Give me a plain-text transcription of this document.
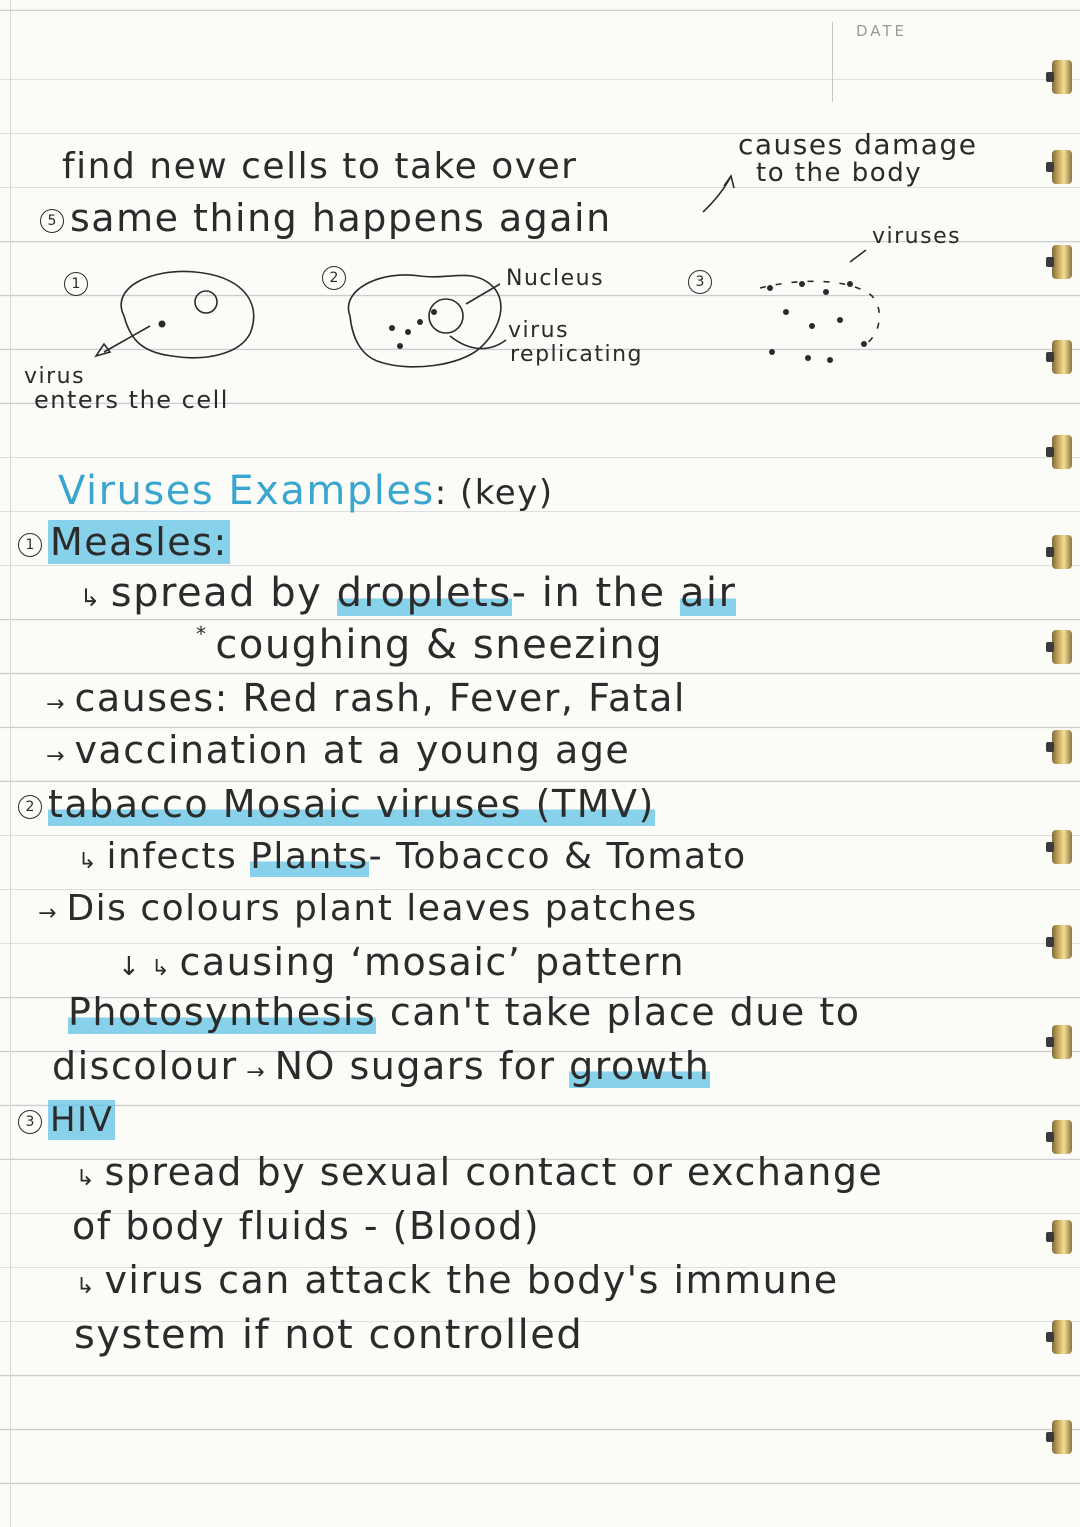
DATE
find new cells to take over
5 same thing happens again
causes damage
to the body
viruses
1	2	3
Nucleus
virus
replicating
virus
enters the cell
Viruses Examples: (key)
1 Measles:
↳ spread by droplets- in the air
* coughing & sneezing
→ causes: Red rash, Fever, Fatal
→ vaccination at a young age
2 tabacco Mosaic viruses (TMV)
↳ infects Plants- Tobacco & Tomato
→ Dis colours plant leaves patches
↓ ↳ causing ‘mosaic’ pattern
Photosynthesis can't take place due to
discolour → NO sugars for growth
3 HIV
↳ spread by sexual contact or exchange
of body fluids - (Blood)
↳ virus can attack the body's immune
system if not controlled
